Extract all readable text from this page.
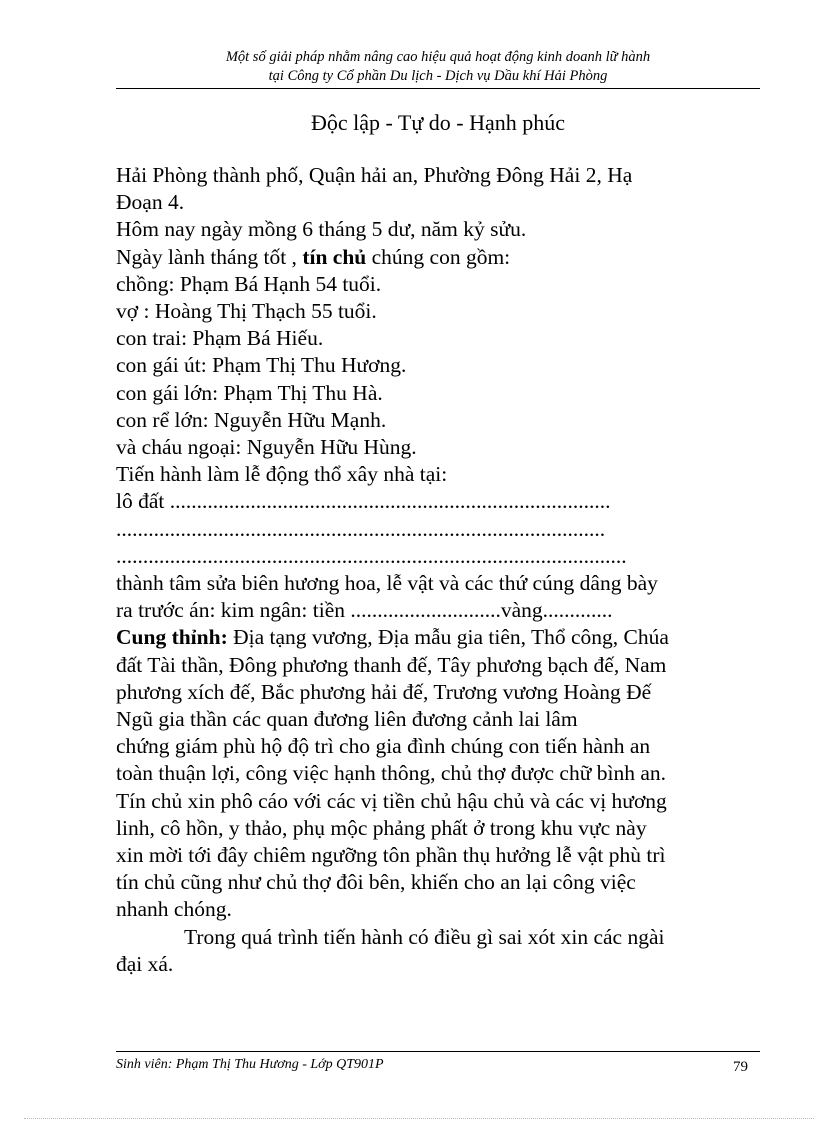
Một số giải pháp nhằm nâng cao hiệu quả hoạt động kinh doanh lữ hành
tại Công ty Cổ phần Du lịch - Dịch vụ Dầu khí Hải Phòng
Độc lập - Tự do - Hạnh phúc

Hải Phòng thành phố, Quận hải an, Phường Đông Hải 2, Hạ

Đoạn 4.

Hôm nay ngày mồng 6 tháng 5 dư, năm kỷ sửu.

Ngày lành tháng tốt , tín chủ chúng con gồm:

chồng: Phạm Bá Hạnh 54 tuổi.

vợ : Hoàng Thị Thạch 55 tuổi.

con trai: Phạm Bá Hiếu.

con gái út: Phạm Thị Thu Hương.

con gái lớn: Phạm Thị Thu Hà.

con rể lớn: Nguyễn Hữu Mạnh.

và cháu ngoại: Nguyễn Hữu Hùng.

Tiến hành làm lễ động thổ xây nhà tại:

lô đất ..................................................................................

...........................................................................................

...............................................................................................

thành tâm sửa biên hương hoa, lễ vật và các thứ cúng dâng bày

ra trước án: kim ngân: tiền ............................vàng.............

Cung thỉnh: Địa tạng vương, Địa mẫu gia tiên, Thổ công, Chúa

đất Tài thần, Đông phương thanh đế, Tây phương bạch đế, Nam

phương xích đế, Bắc phương hải đế, Trương vương Hoàng Đế

Ngũ gia thần các quan đương liên đương cảnh lai lâm

chứng giám phù hộ độ trì cho gia đình chúng con tiến hành an

toàn thuận lợi, công việc hạnh thông, chủ thợ được chữ bình an.

Tín chủ xin phô cáo với các vị tiền chủ hậu chủ và các vị hương

linh, cô hồn, y thảo, phụ mộc phảng phất ở trong khu vực này

xin mời tới đây chiêm ngưỡng tôn phần thụ hưởng lễ vật phù trì

tín chủ cũng như chủ thợ đôi bên, khiến cho an lại công việc

nhanh chóng.

Trong quá trình tiến hành có điều gì sai xót xin các ngài

đại xá.

Sinh viên: Phạm Thị Thu Hương - Lớp QT901P	79
